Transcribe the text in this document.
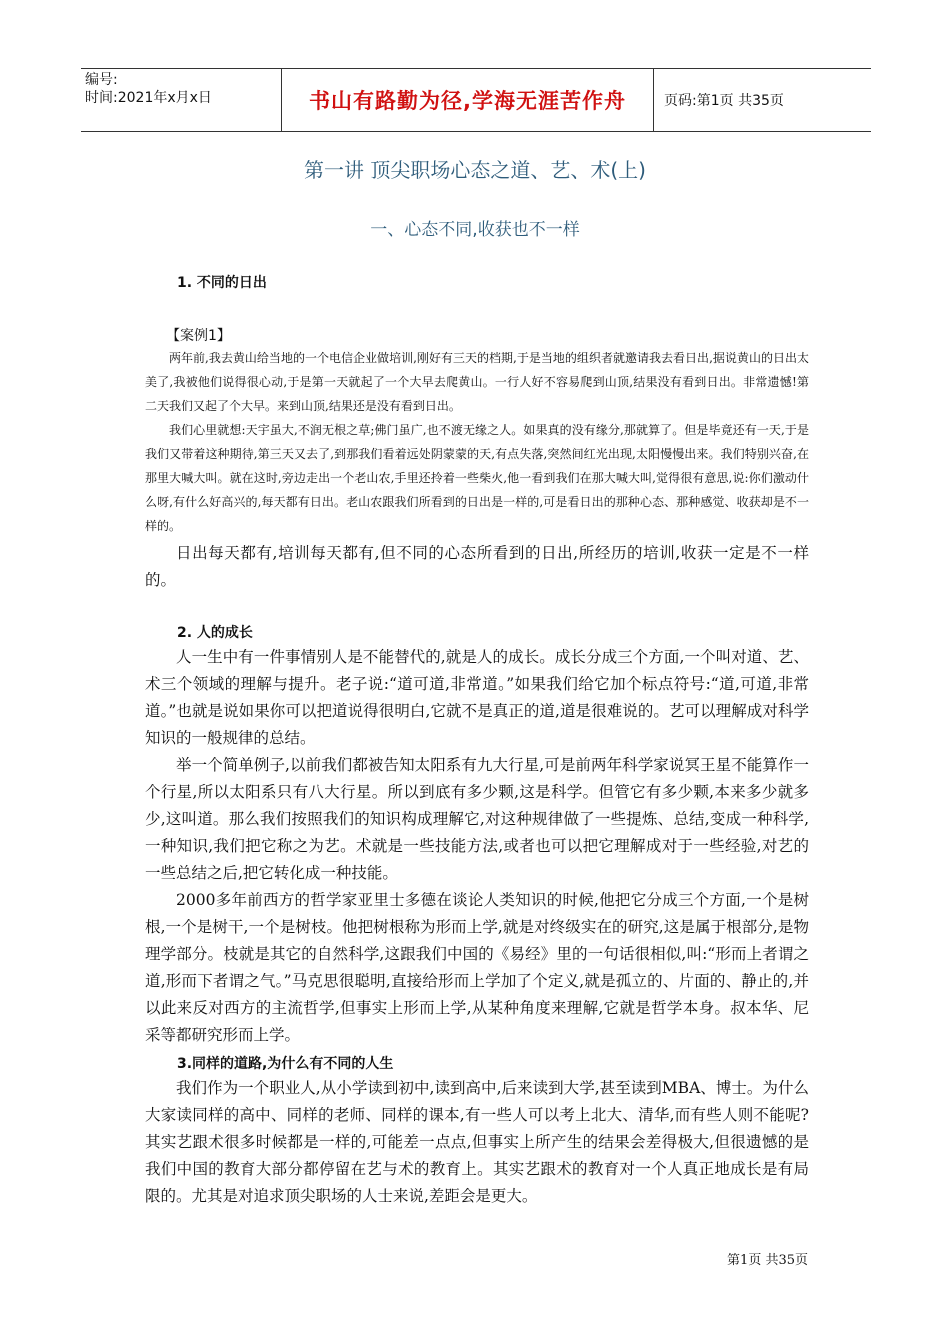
编号:
时间:2021年x月x日	书山有路勤为径,学海无涯苦作舟	页码:第1页 共35页
第一讲 顶尖职场心态之道、艺、术(上)
一、心态不同,收获也不一样
1. 不同的日出
【案例1】

两年前,我去黄山给当地的一个电信企业做培训,刚好有三天的档期,于是当地的组织者就邀请我去看日出,据说黄山的日出太美了,我被他们说得很心动,于是第一天就起了一个大早去爬黄山。一行人好不容易爬到山顶,结果没有看到日出。非常遗憾!第二天我们又起了个大早。来到山顶,结果还是没有看到日出。

我们心里就想:天宇虽大,不润无根之草;佛门虽广,也不渡无缘之人。如果真的没有缘分,那就算了。但是毕竟还有一天,于是我们又带着这种期待,第三天又去了,到那我们看着远处阴蒙蒙的天,有点失落,突然间红光出现,太阳慢慢出来。我们特别兴奋,在那里大喊大叫。就在这时,旁边走出一个老山农,手里还拎着一些柴火,他一看到我们在那大喊大叫,觉得很有意思,说:你们激动什么呀,有什么好高兴的,每天都有日出。老山农跟我们所看到的日出是一样的,可是看日出的那种心态、那种感觉、收获却是不一样的。

日出每天都有,培训每天都有,但不同的心态所看到的日出,所经历的培训,收获一定是不一样的。

2. 人的成长

人一生中有一件事情别人是不能替代的,就是人的成长。成长分成三个方面,一个叫对道、艺、术三个领域的理解与提升。老子说:“道可道,非常道。”如果我们给它加个标点符号:“道,可道,非常道。”也就是说如果你可以把道说得很明白,它就不是真正的道,道是很难说的。艺可以理解成对科学知识的一般规律的总结。

举一个简单例子,以前我们都被告知太阳系有九大行星,可是前两年科学家说冥王星不能算作一个行星,所以太阳系只有八大行星。所以到底有多少颗,这是科学。但管它有多少颗,本来多少就多少,这叫道。那么我们按照我们的知识构成理解它,对这种规律做了一些提炼、总结,变成一种科学,一种知识,我们把它称之为艺。术就是一些技能方法,或者也可以把它理解成对于一些经验,对艺的一些总结之后,把它转化成一种技能。

2000多年前西方的哲学家亚里士多德在谈论人类知识的时候,他把它分成三个方面,一个是树根,一个是树干,一个是树枝。他把树根称为形而上学,就是对终级实在的研究,这是属于根部分,是物理学部分。枝就是其它的自然科学,这跟我们中国的《易经》里的一句话很相似,叫:“形而上者谓之道,形而下者谓之气。”马克思很聪明,直接给形而上学加了个定义,就是孤立的、片面的、静止的,并以此来反对西方的主流哲学,但事实上形而上学,从某种角度来理解,它就是哲学本身。叔本华、尼采等都研究形而上学。

3.同样的道路,为什么有不同的人生

我们作为一个职业人,从小学读到初中,读到高中,后来读到大学,甚至读到MBA、博士。为什么大家读同样的高中、同样的老师、同样的课本,有一些人可以考上北大、清华,而有些人则不能呢?其实艺跟术很多时候都是一样的,可能差一点点,但事实上所产生的结果会差得极大,但很遗憾的是我们中国的教育大部分都停留在艺与术的教育上。其实艺跟术的教育对一个人真正地成长是有局限的。尤其是对追求顶尖职场的人士来说,差距会是更大。

第1页 共35页
